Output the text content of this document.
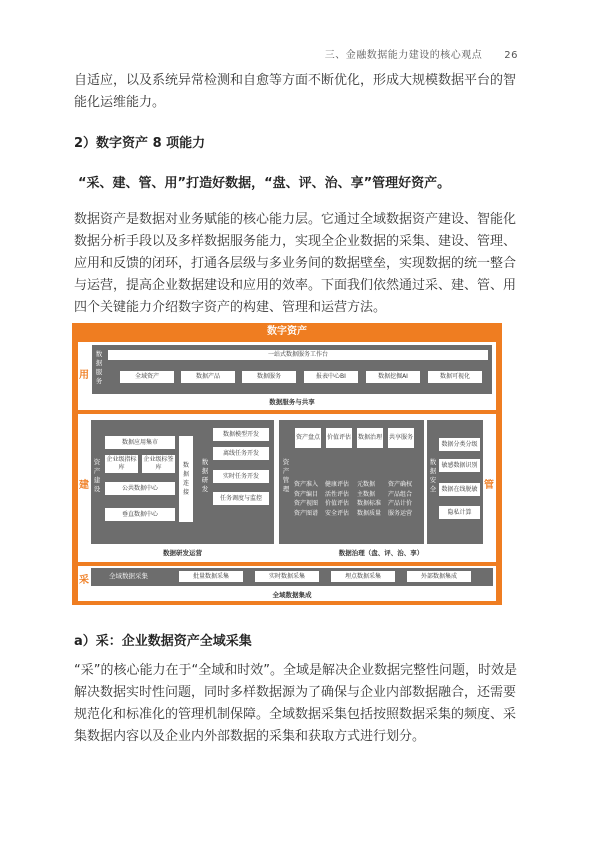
三、金融数据能力建设的核心观点 26

自适应，以及系统异常检测和自愈等方面不断优化，形成大规模数据平台的智能化运维能力。

2）数字资产 8 项能力
“采、建、管、用”打造好数据，“盘、评、治、享”管理好资产。

数据资产是数据对业务赋能的核心能力层。它通过全域数据资产建设、智能化数据分析手段以及多样数据服务能力，实现全企业数据的采集、建设、管理、应用和反馈的闭环，打通各层级与多业务间的数据壁垒，实现数据的统一整合与运营，提高企业数据建设和应用的效率。下面我们依然通过采、建、管、用四个关键能力介绍数字资产的构建、管理和运营方法。

数字资产
用
数据服务
一站式数据服务工作台
全域资产	数据产品	数据服务	报表中心BI	数据挖掘AI	数据可视化
数据服务与共享
建	管
资产建设
数据应用集市
企业级指标库
企业级标签库	数据连接
公共数据中心
垂直数据中心
数据研发
数据模型开发
离线任务开发
实时任务开发
任务调度与监控
数据研发运营
资产管理
资产盘点 价值评估 数据治理 共享服务
资产准入
资产编目
资产视图
资产图谱
健康评估
活性评估
价值评估
安全评估
元数据
主数据
数据标准
数据质量
资产确权
产品组合
产品计价
服务运营
数据安全
数据分类分级
敏感数据识别
数据在线脱敏
隐私计算
数据治理（盘、评、治、享）
采	全域数据采集	批量数据采集	实时数据采集	埋点数据采集	外部数据集成
全域数据集成
a）采：企业数据资产全域采集

“采”的核心能力在于“全域和时效”。全域是解决企业数据完整性问题，时效是解决数据实时性问题，同时多样数据源为了确保与企业内部数据融合，还需要规范化和标准化的管理机制保障。全域数据采集包括按照数据采集的频度、采集数据内容以及企业内外部数据的采集和获取方式进行划分。
